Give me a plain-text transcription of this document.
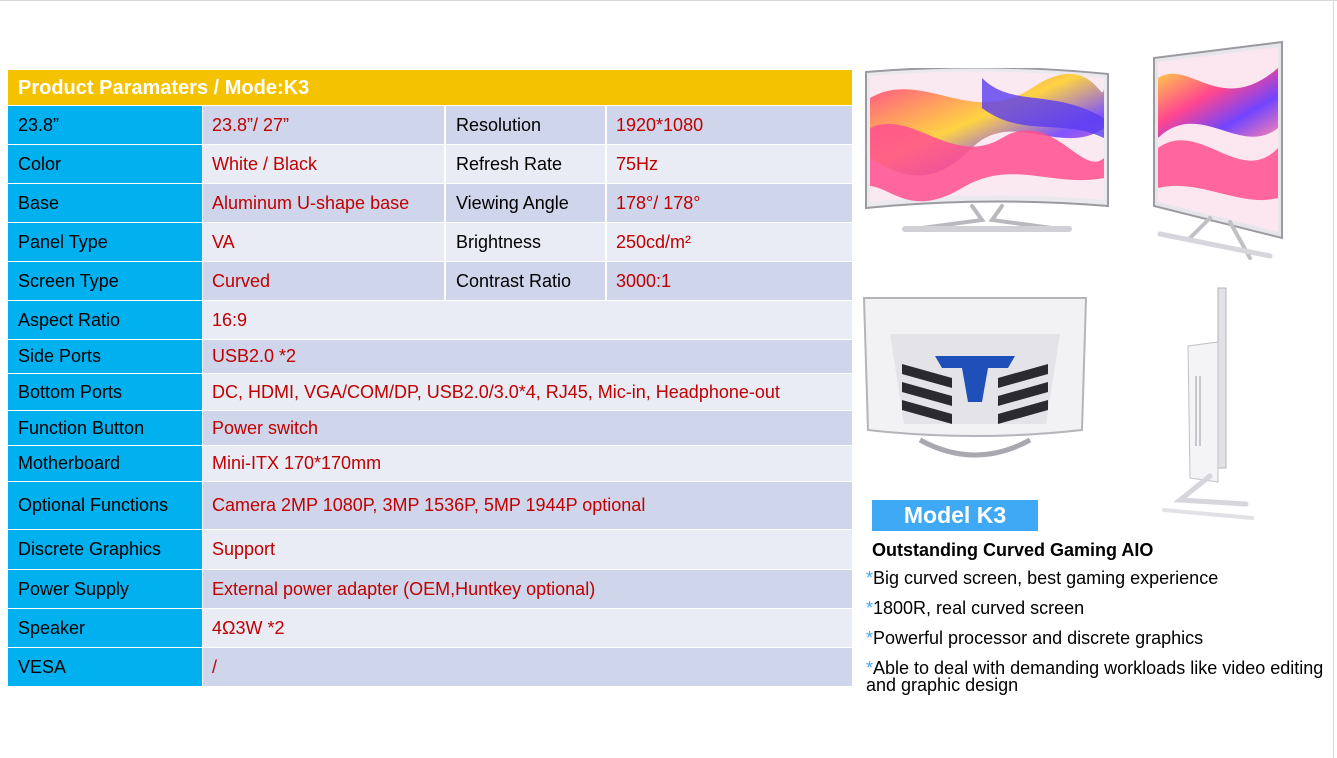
Product Paramaters / Mode:K3
23.8”	23.8”/ 27”	Resolution	1920*1080
Color	White / Black	Refresh Rate	75Hz
Base	Aluminum U-shape base	Viewing Angle	178°/ 178°
Panel Type	VA	Brightness	250cd/m²
Screen Type	Curved	Contrast Ratio	3000:1
Aspect Ratio	16:9
Side Ports	USB2.0 *2
Bottom Ports	DC, HDMI, VGA/COM/DP, USB2.0/3.0*4, RJ45, Mic-in, Headphone-out
Function Button	Power switch
Motherboard	Mini-ITX 170*170mm
Optional Functions	Camera 2MP 1080P, 3MP 1536P, 5MP 1944P optional
Discrete Graphics	Support
Power Supply	External power adapter (OEM,Huntkey optional)
Speaker	4Ω3W *2
VESA	/
Model K3
Outstanding Curved Gaming AIO
*Big curved screen, best gaming experience
*1800R, real curved screen
*Powerful processor and discrete graphics
*Able to deal with demanding workloads like video editing and graphic design
